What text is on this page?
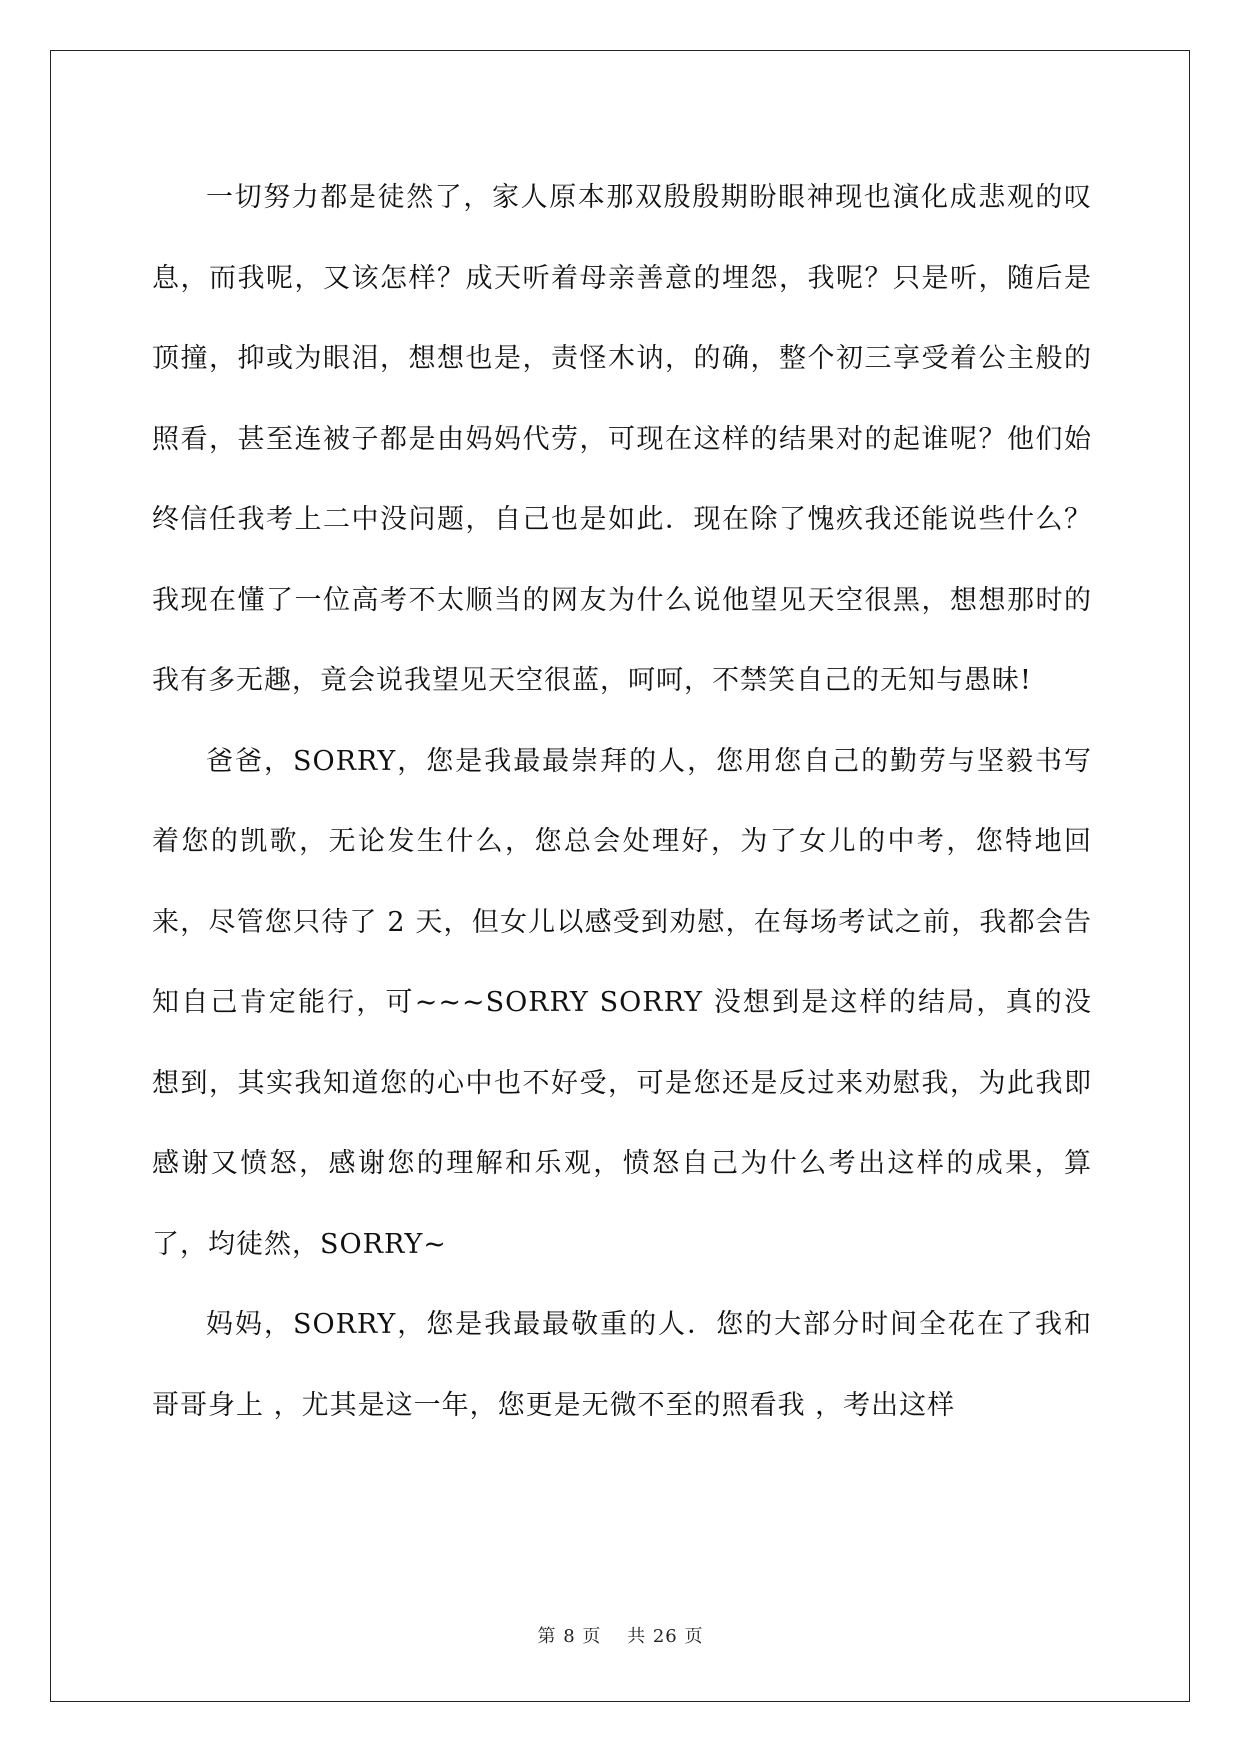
一切努力都是徒然了，家人原本那双殷殷期盼眼神现也演化成悲观的叹息，而我呢，又该怎样？成天听着母亲善意的埋怨，我呢？只是听，随后是顶撞，抑或为眼泪，想想也是，责怪木讷，的确，整个初三享受着公主般的照看，甚至连被子都是由妈妈代劳，可现在这样的结果对的起谁呢？他们始终信任我考上二中没问题，自己也是如此．现在除了愧疚我还能说些什么？我现在懂了一位高考不太顺当的网友为什么说他望见天空很黑，想想那时的我有多无趣，竟会说我望见天空很蓝，呵呵，不禁笑自己的无知与愚昧!

爸爸，SORRY，您是我最最崇拜的人，您用您自己的勤劳与坚毅书写着您的凯歌，无论发生什么，您总会处理好，为了女儿的中考，您特地回来，尽管您只待了 2 天，但女儿以感受到劝慰，在每场考试之前，我都会告知自己肯定能行，可~~~SORRY SORRY 没想到是这样的结局，真的没想到，其实我知道您的心中也不好受，可是您还是反过来劝慰我，为此我即感谢又愤怒，感谢您的理解和乐观，愤怒自己为什么考出这样的成果，算了，均徒然，SORRY~

妈妈，SORRY，您是我最最敬重的人．您的大部分时间全花在了我和哥哥身上 ，尤其是这一年，您更是无微不至的照看我 ，考出这样

第 8 页　 共 26 页
